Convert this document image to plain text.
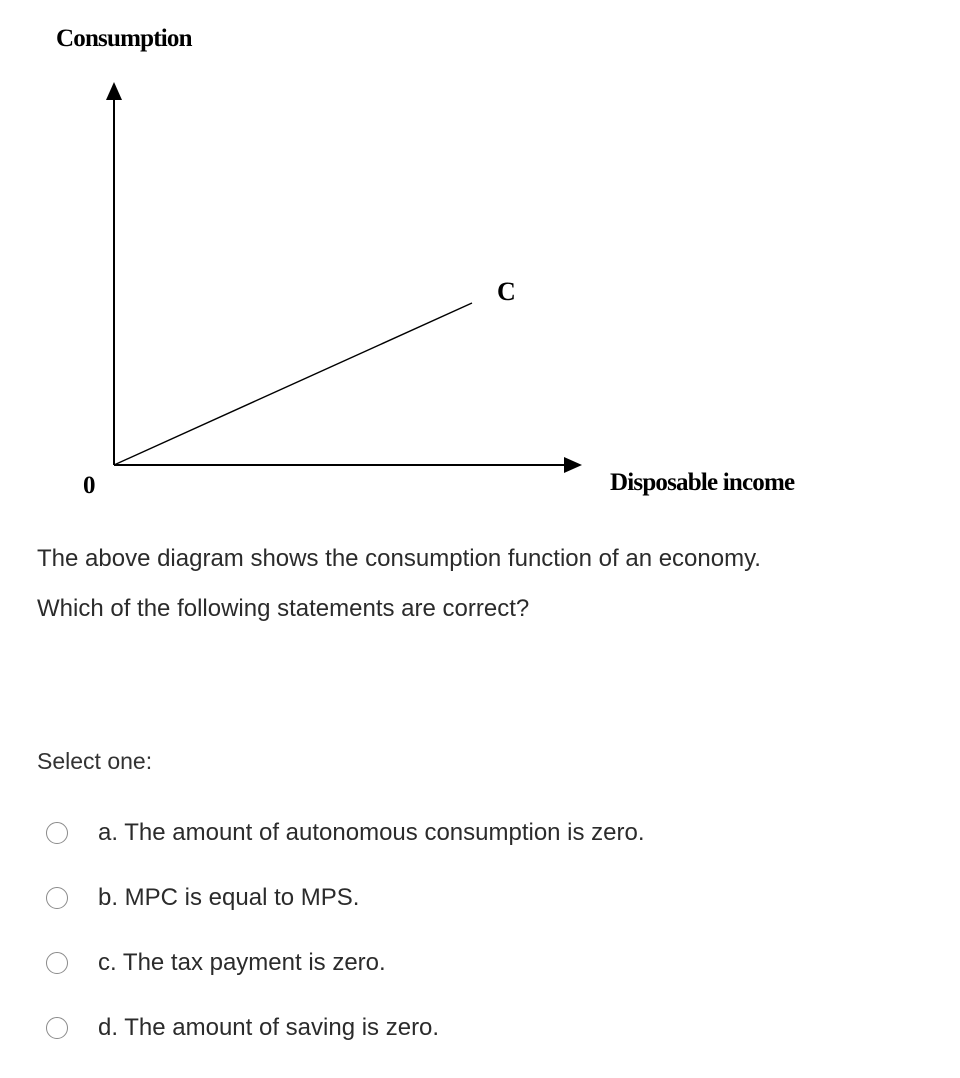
Consumption
C
0	Disposable income

The above diagram shows the consumption function of an economy. Which of the following statements are correct?

Select one:

a. The amount of autonomous consumption is zero.
b. MPC is equal to MPS.
c. The tax payment is zero.
d. The amount of saving is zero.
